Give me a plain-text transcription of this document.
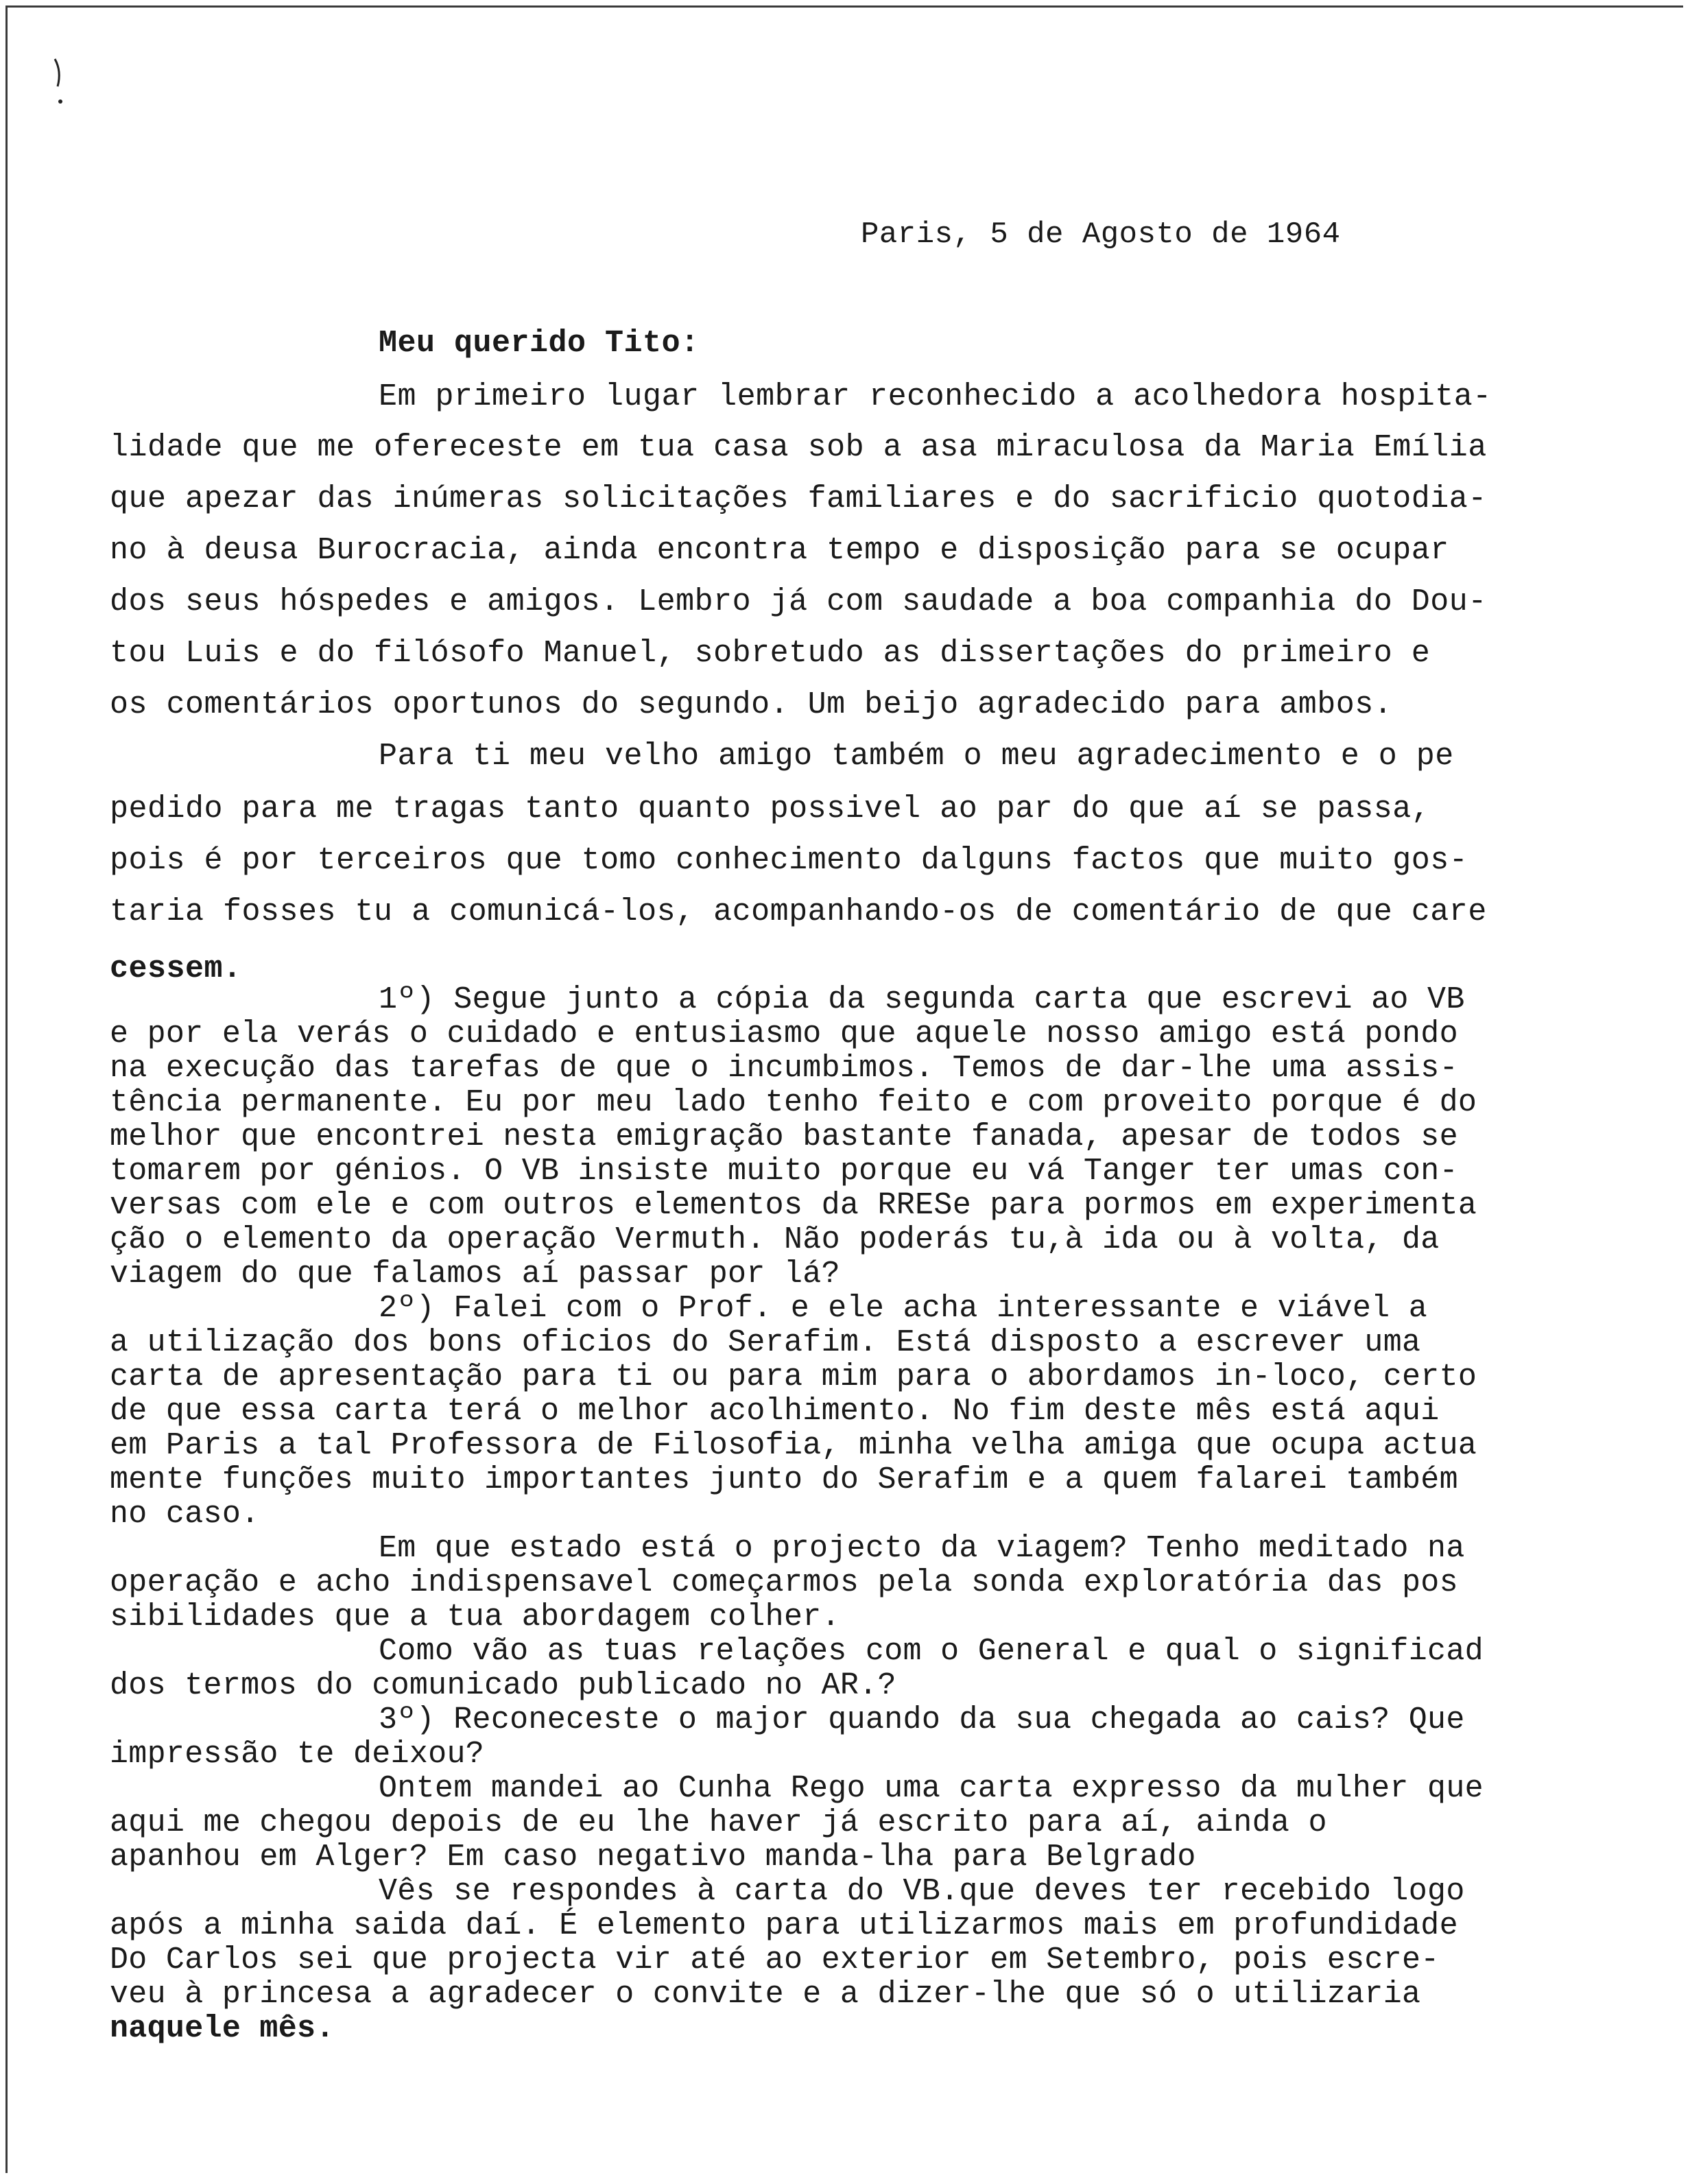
Paris, 5 de Agosto de 1964
Meu querido Tito:
Em primeiro lugar lembrar reconhecido a acolhedora hospita-
lidade que me ofereceste em tua casa sob a asa miraculosa da Maria Emília
que apezar das inúmeras solicitações familiares e do sacrificio quotodia-
no à deusa Burocracia, ainda encontra tempo e disposição para se ocupar
dos seus hóspedes e amigos. Lembro já com saudade a boa companhia do Dou-
tou Luis e do filósofo Manuel, sobretudo as dissertações do primeiro e
os comentários oportunos do segundo. Um beijo agradecido para ambos.
Para ti meu velho amigo também o meu agradecimento e o pe
pedido para me tragas tanto quanto possivel ao par do que aí se passa,
pois é por terceiros que tomo conhecimento dalguns factos que muito gos-
taria fosses tu a comunicá-los, acompanhando-os de comentário de que care
cessem.
1º) Segue junto a cópia da segunda carta que escrevi ao VB
e por ela verás o cuidado e entusiasmo que aquele nosso amigo está pondo
na execução das tarefas de que o incumbimos. Temos de dar-lhe uma assis-
tência permanente. Eu por meu lado tenho feito e com proveito porque é do
melhor que encontrei nesta emigração bastante fanada, apesar de todos se
tomarem por génios. O VB insiste muito porque eu vá Tanger ter umas con-
versas com ele e com outros elementos da RRESe para pormos em experimenta
ção o elemento da operação Vermuth. Não poderás tu,à ida ou à volta, da
viagem do que falamos aí passar por lá?
2º) Falei com o Prof. e ele acha interessante e viável a
a utilização dos bons oficios do Serafim. Está disposto a escrever uma
carta de apresentação para ti ou para mim para o abordamos in-loco, certo
de que essa carta terá o melhor acolhimento. No fim deste mês está aqui
em Paris a tal Professora de Filosofia, minha velha amiga que ocupa actua
mente funções muito importantes junto do Serafim e a quem falarei também
no caso.
Em que estado está o projecto da viagem? Tenho meditado na
operação e acho indispensavel começarmos pela sonda exploratória das pos
sibilidades que a tua abordagem colher.
Como vão as tuas relações com o General e qual o significad
dos termos do comunicado publicado no AR.?
3º) Reconeceste o major quando da sua chegada ao cais? Que
impressão te deixou?
Ontem mandei ao Cunha Rego uma carta expresso da mulher que
aqui me chegou depois de eu lhe haver já escrito para aí, ainda o
apanhou em Alger? Em caso negativo manda-lha para Belgrado
Vês se respondes à carta do VB.que deves ter recebido logo
após a minha saida daí. É elemento para utilizarmos mais em profundidade
Do Carlos sei que projecta vir até ao exterior em Setembro, pois escre-
veu à princesa a agradecer o convite e a dizer-lhe que só o utilizaria
naquele mês.
